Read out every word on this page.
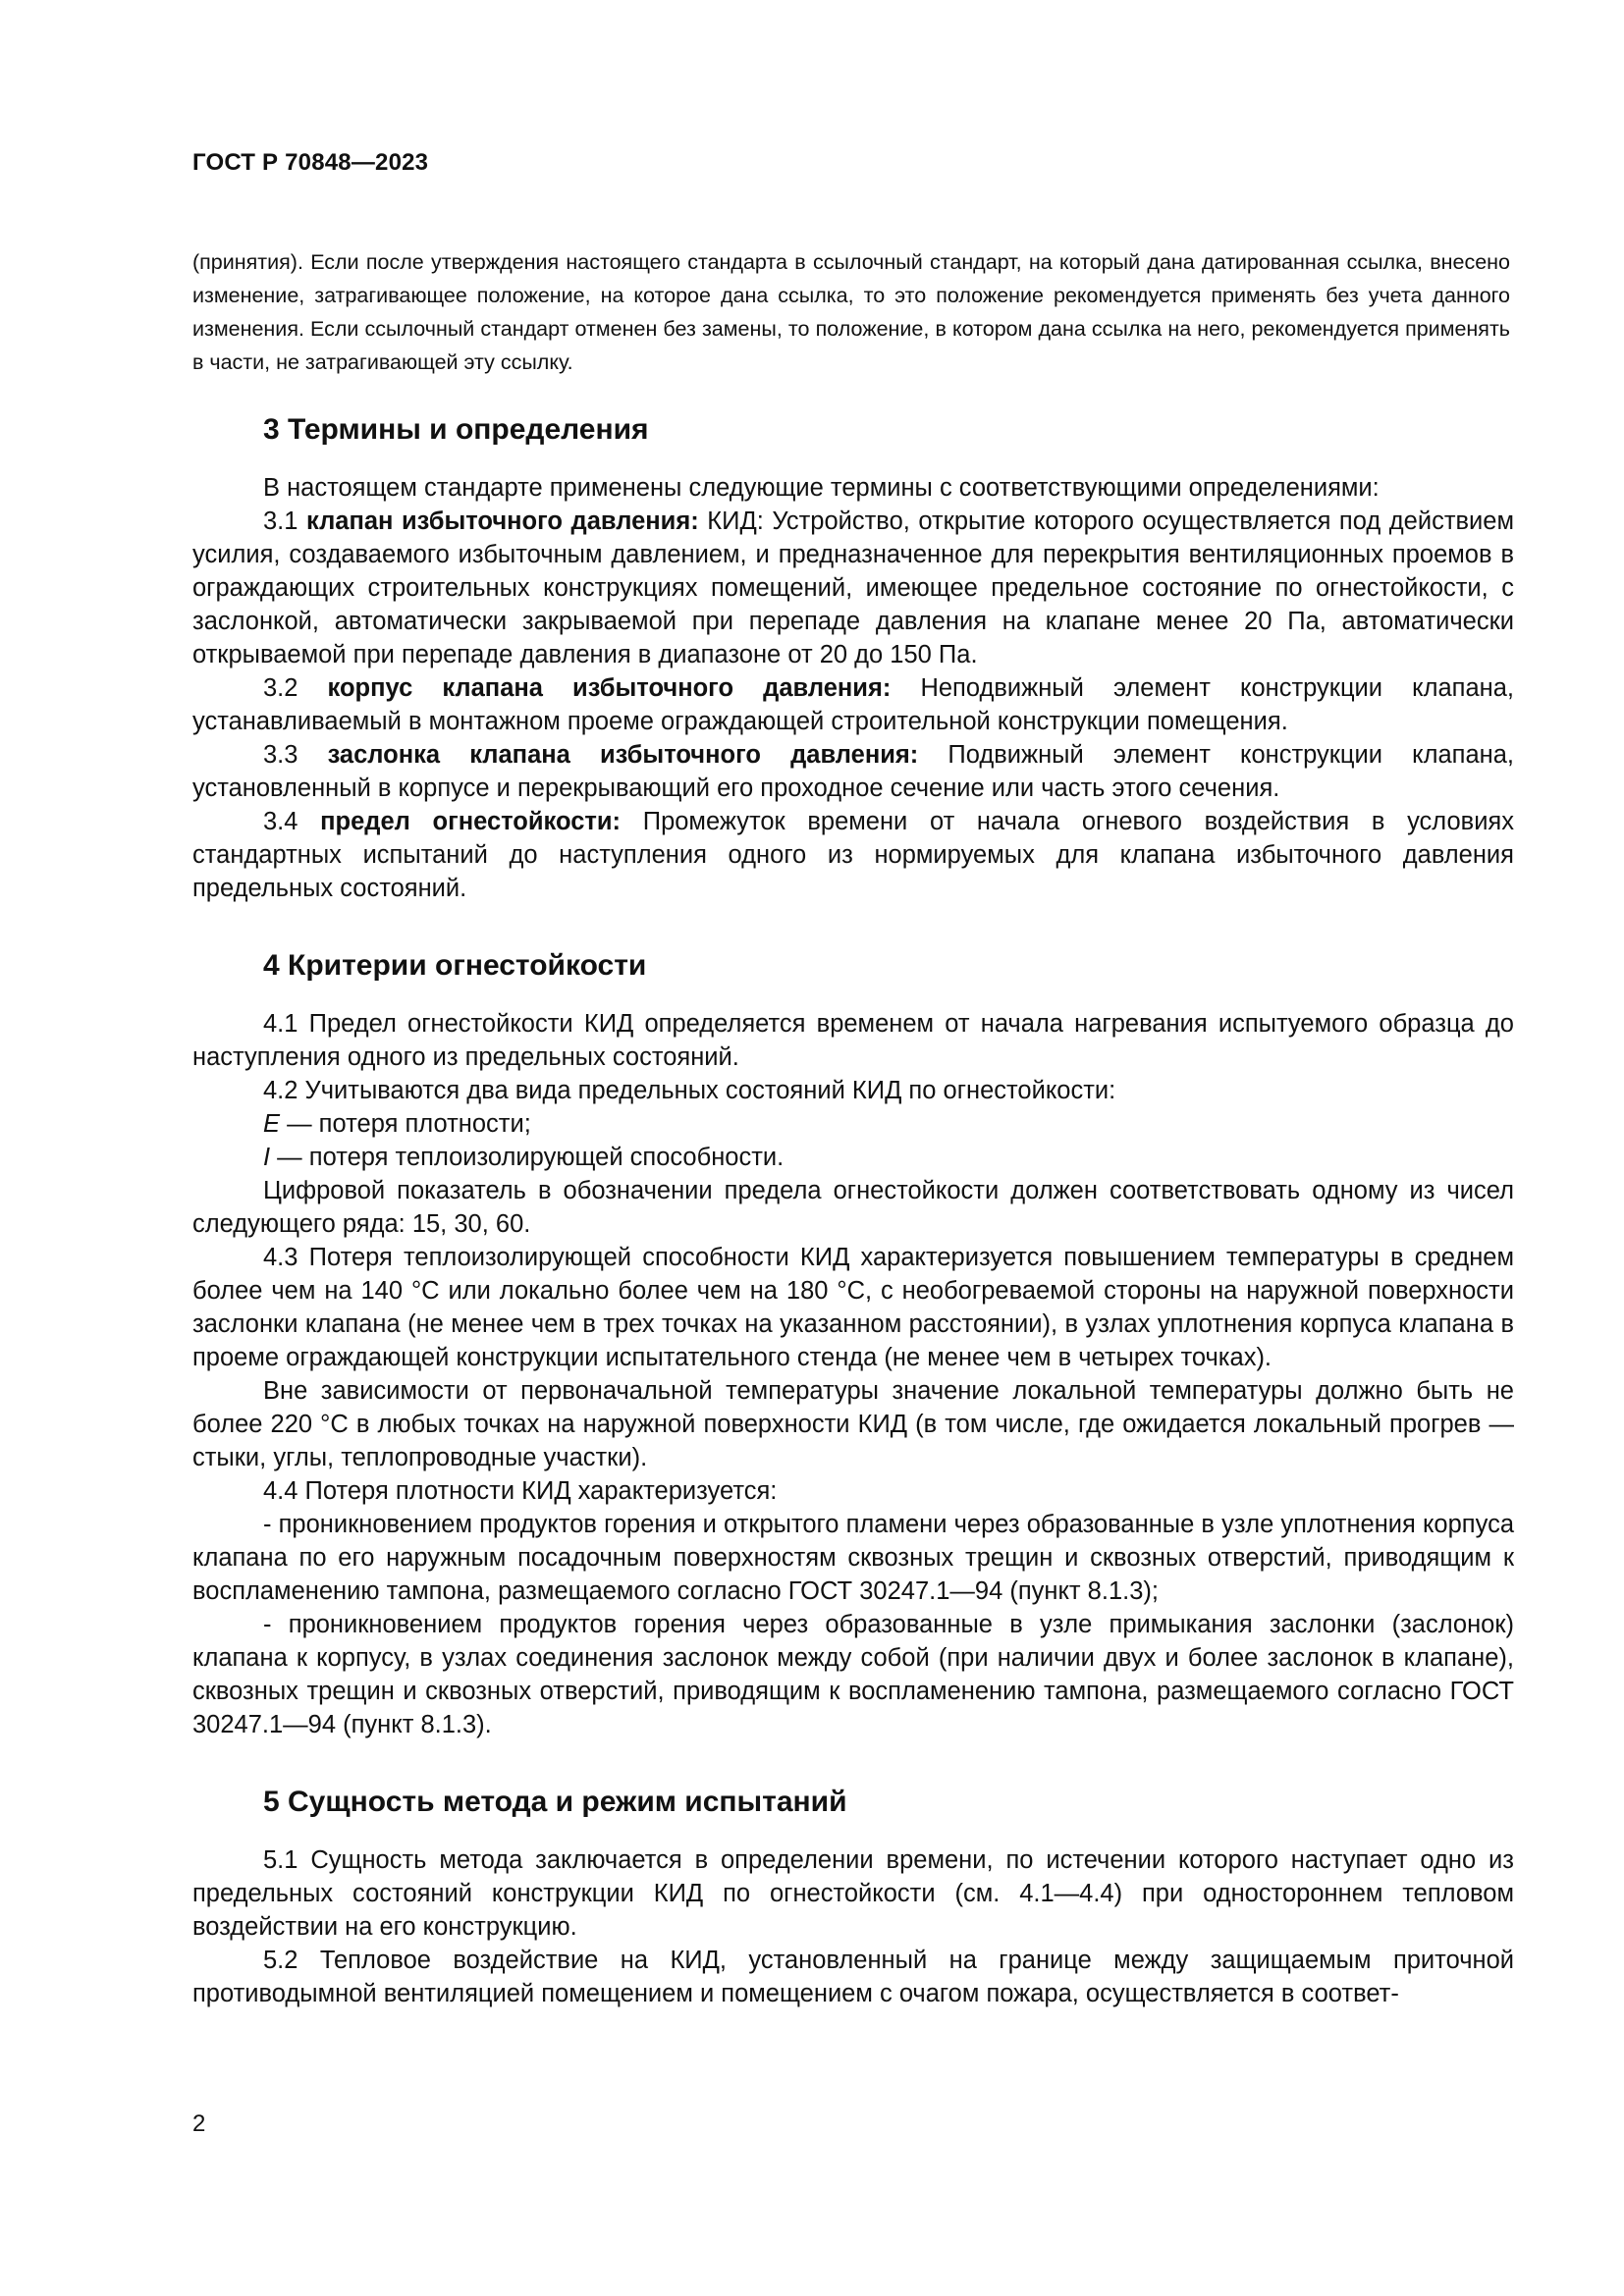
ГОСТ Р 70848—2023

(принятия). Если после утверждения настоящего стандарта в ссылочный стандарт, на который дана датированная ссылка, внесено изменение, затрагивающее положение, на которое дана ссылка, то это положение рекомендуется применять без учета данного изменения. Если ссылочный стандарт отменен без замены, то положение, в котором дана ссылка на него, рекомендуется применять в части, не затрагивающей эту ссылку.

3 Термины и определения

В настоящем стандарте применены следующие термины с соответствующими определениями:

3.1 клапан избыточного давления: КИД: Устройство, открытие которого осуществляется под действием усилия, создаваемого избыточным давлением, и предназначенное для перекрытия вентиляционных проемов в ограждающих строительных конструкциях помещений, имеющее предельное состояние по огнестойкости, с заслонкой, автоматически закрываемой при перепаде давления на клапане менее 20 Па, автоматически открываемой при перепаде давления в диапазоне от 20 до 150 Па.

3.2 корпус клапана избыточного давления: Неподвижный элемент конструкции клапана, устанавливаемый в монтажном проеме ограждающей строительной конструкции помещения.

3.3 заслонка клапана избыточного давления: Подвижный элемент конструкции клапана, установленный в корпусе и перекрывающий его проходное сечение или часть этого сечения.

3.4 предел огнестойкости: Промежуток времени от начала огневого воздействия в условиях стандартных испытаний до наступления одного из нормируемых для клапана избыточного давления предельных состояний.

4 Критерии огнестойкости

4.1 Предел огнестойкости КИД определяется временем от начала нагревания испытуемого образца до наступления одного из предельных состояний.

4.2 Учитываются два вида предельных состояний КИД по огнестойкости:

E — потеря плотности;

I — потеря теплоизолирующей способности.

Цифровой показатель в обозначении предела огнестойкости должен соответствовать одному из чисел следующего ряда: 15, 30, 60.

4.3 Потеря теплоизолирующей способности КИД характеризуется повышением температуры в среднем более чем на 140 °С или локально более чем на 180 °С, с необогреваемой стороны на наружной поверхности заслонки клапана (не менее чем в трех точках на указанном расстоянии), в узлах уплотнения корпуса клапана в проеме ограждающей конструкции испытательного стенда (не менее чем в четырех точках).

Вне зависимости от первоначальной температуры значение локальной температуры должно быть не более 220 °С в любых точках на наружной поверхности КИД (в том числе, где ожидается локальный прогрев — стыки, углы, теплопроводные участки).

4.4 Потеря плотности КИД характеризуется:

- проникновением продуктов горения и открытого пламени через образованные в узле уплотнения корпуса клапана по его наружным посадочным поверхностям сквозных трещин и сквозных отверстий, приводящим к воспламенению тампона, размещаемого согласно ГОСТ 30247.1—94 (пункт 8.1.3);

- проникновением продуктов горения через образованные в узле примыкания заслонки (заслонок) клапана к корпусу, в узлах соединения заслонок между собой (при наличии двух и более заслонок в клапане), сквозных трещин и сквозных отверстий, приводящим к воспламенению тампона, размещаемого согласно ГОСТ 30247.1—94 (пункт 8.1.3).

5 Сущность метода и режим испытаний

5.1 Сущность метода заключается в определении времени, по истечении которого наступает одно из предельных состояний конструкции КИД по огнестойкости (см. 4.1—4.4) при одностороннем тепловом воздействии на его конструкцию.

5.2 Тепловое воздействие на КИД, установленный на границе между защищаемым приточной противодымной вентиляцией помещением и помещением с очагом пожара, осуществляется в соответ-

2
